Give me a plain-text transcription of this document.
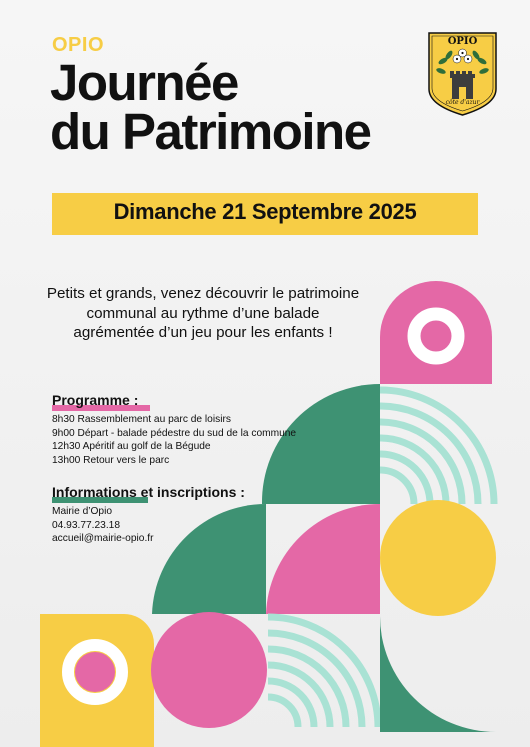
OPIO
Journée
du Patrimoine
Dimanche 21 Septembre 2025
OPIO
côte d'azur
Petits et grands, venez découvrir le patrimoine
communal au rythme d’une balade
agrémentée d’un jeu pour les enfants !
Programme :
8h30 Rassemblement au parc de loisirs
9h00 Départ - balade pédestre du sud de la commune
12h30 Apéritif au golf de la Bégude
13h00 Retour vers le parc
Informations et inscriptions :
Mairie d’Opio
04.93.77.23.18
accueil@mairie-opio.fr
